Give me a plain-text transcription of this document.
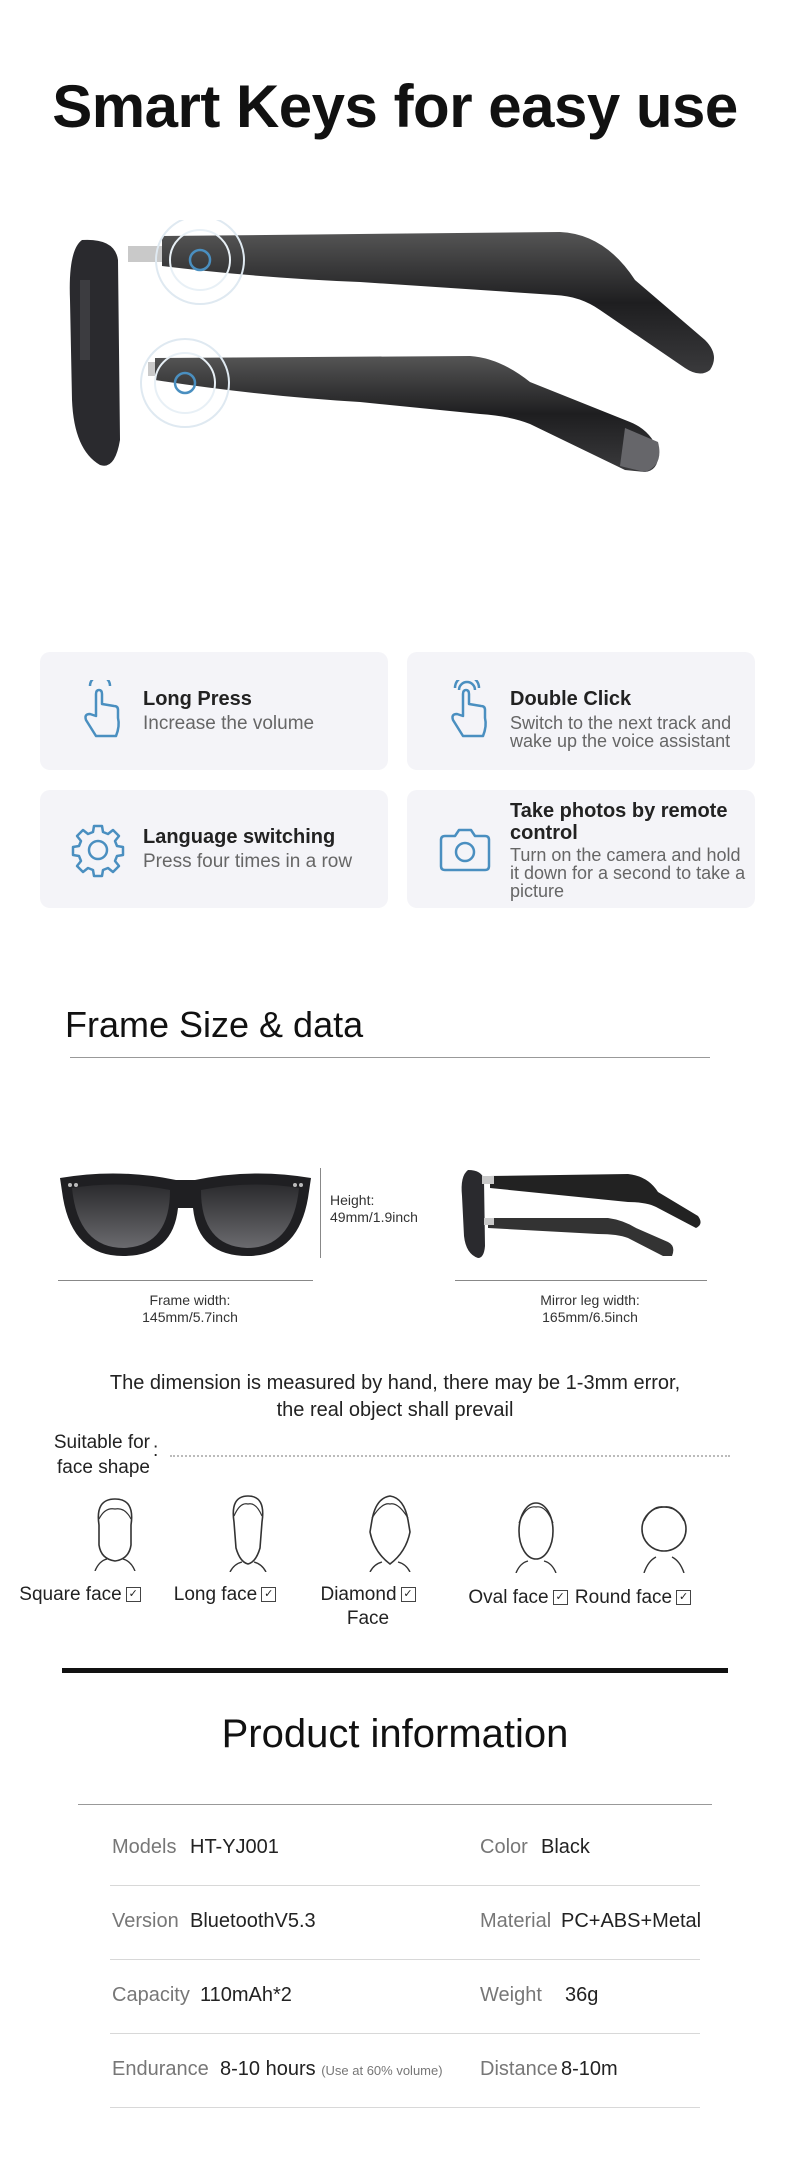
Smart Keys for easy use
Long Press
Increase the volume
Double Click
Switch to the next track and wake up the voice assistant
Language switching
Press four times in a row
Take photos by remote control
Turn on the camera and hold it down for a second to take a picture
Frame Size & data
Height:
49mm/1.9inch
Frame width:
145mm/5.7inch
Mirror leg width:
165mm/6.5inch
The dimension is measured by hand, there may be 1-3mm error, the real object shall prevail
Suitable for
face shape
:
Square face ✓	Long face ✓	Diamond ✓
Face
Oval face ✓ Round face ✓
Product information
Models HT-YJ001	Color Black
Version BluetoothV5.3	Material PC+ABS+Metal
Capacity 110mAh*2	Weight 36g
Endurance 8-10 hours (Use at 60% volume) Distance 8-10m
